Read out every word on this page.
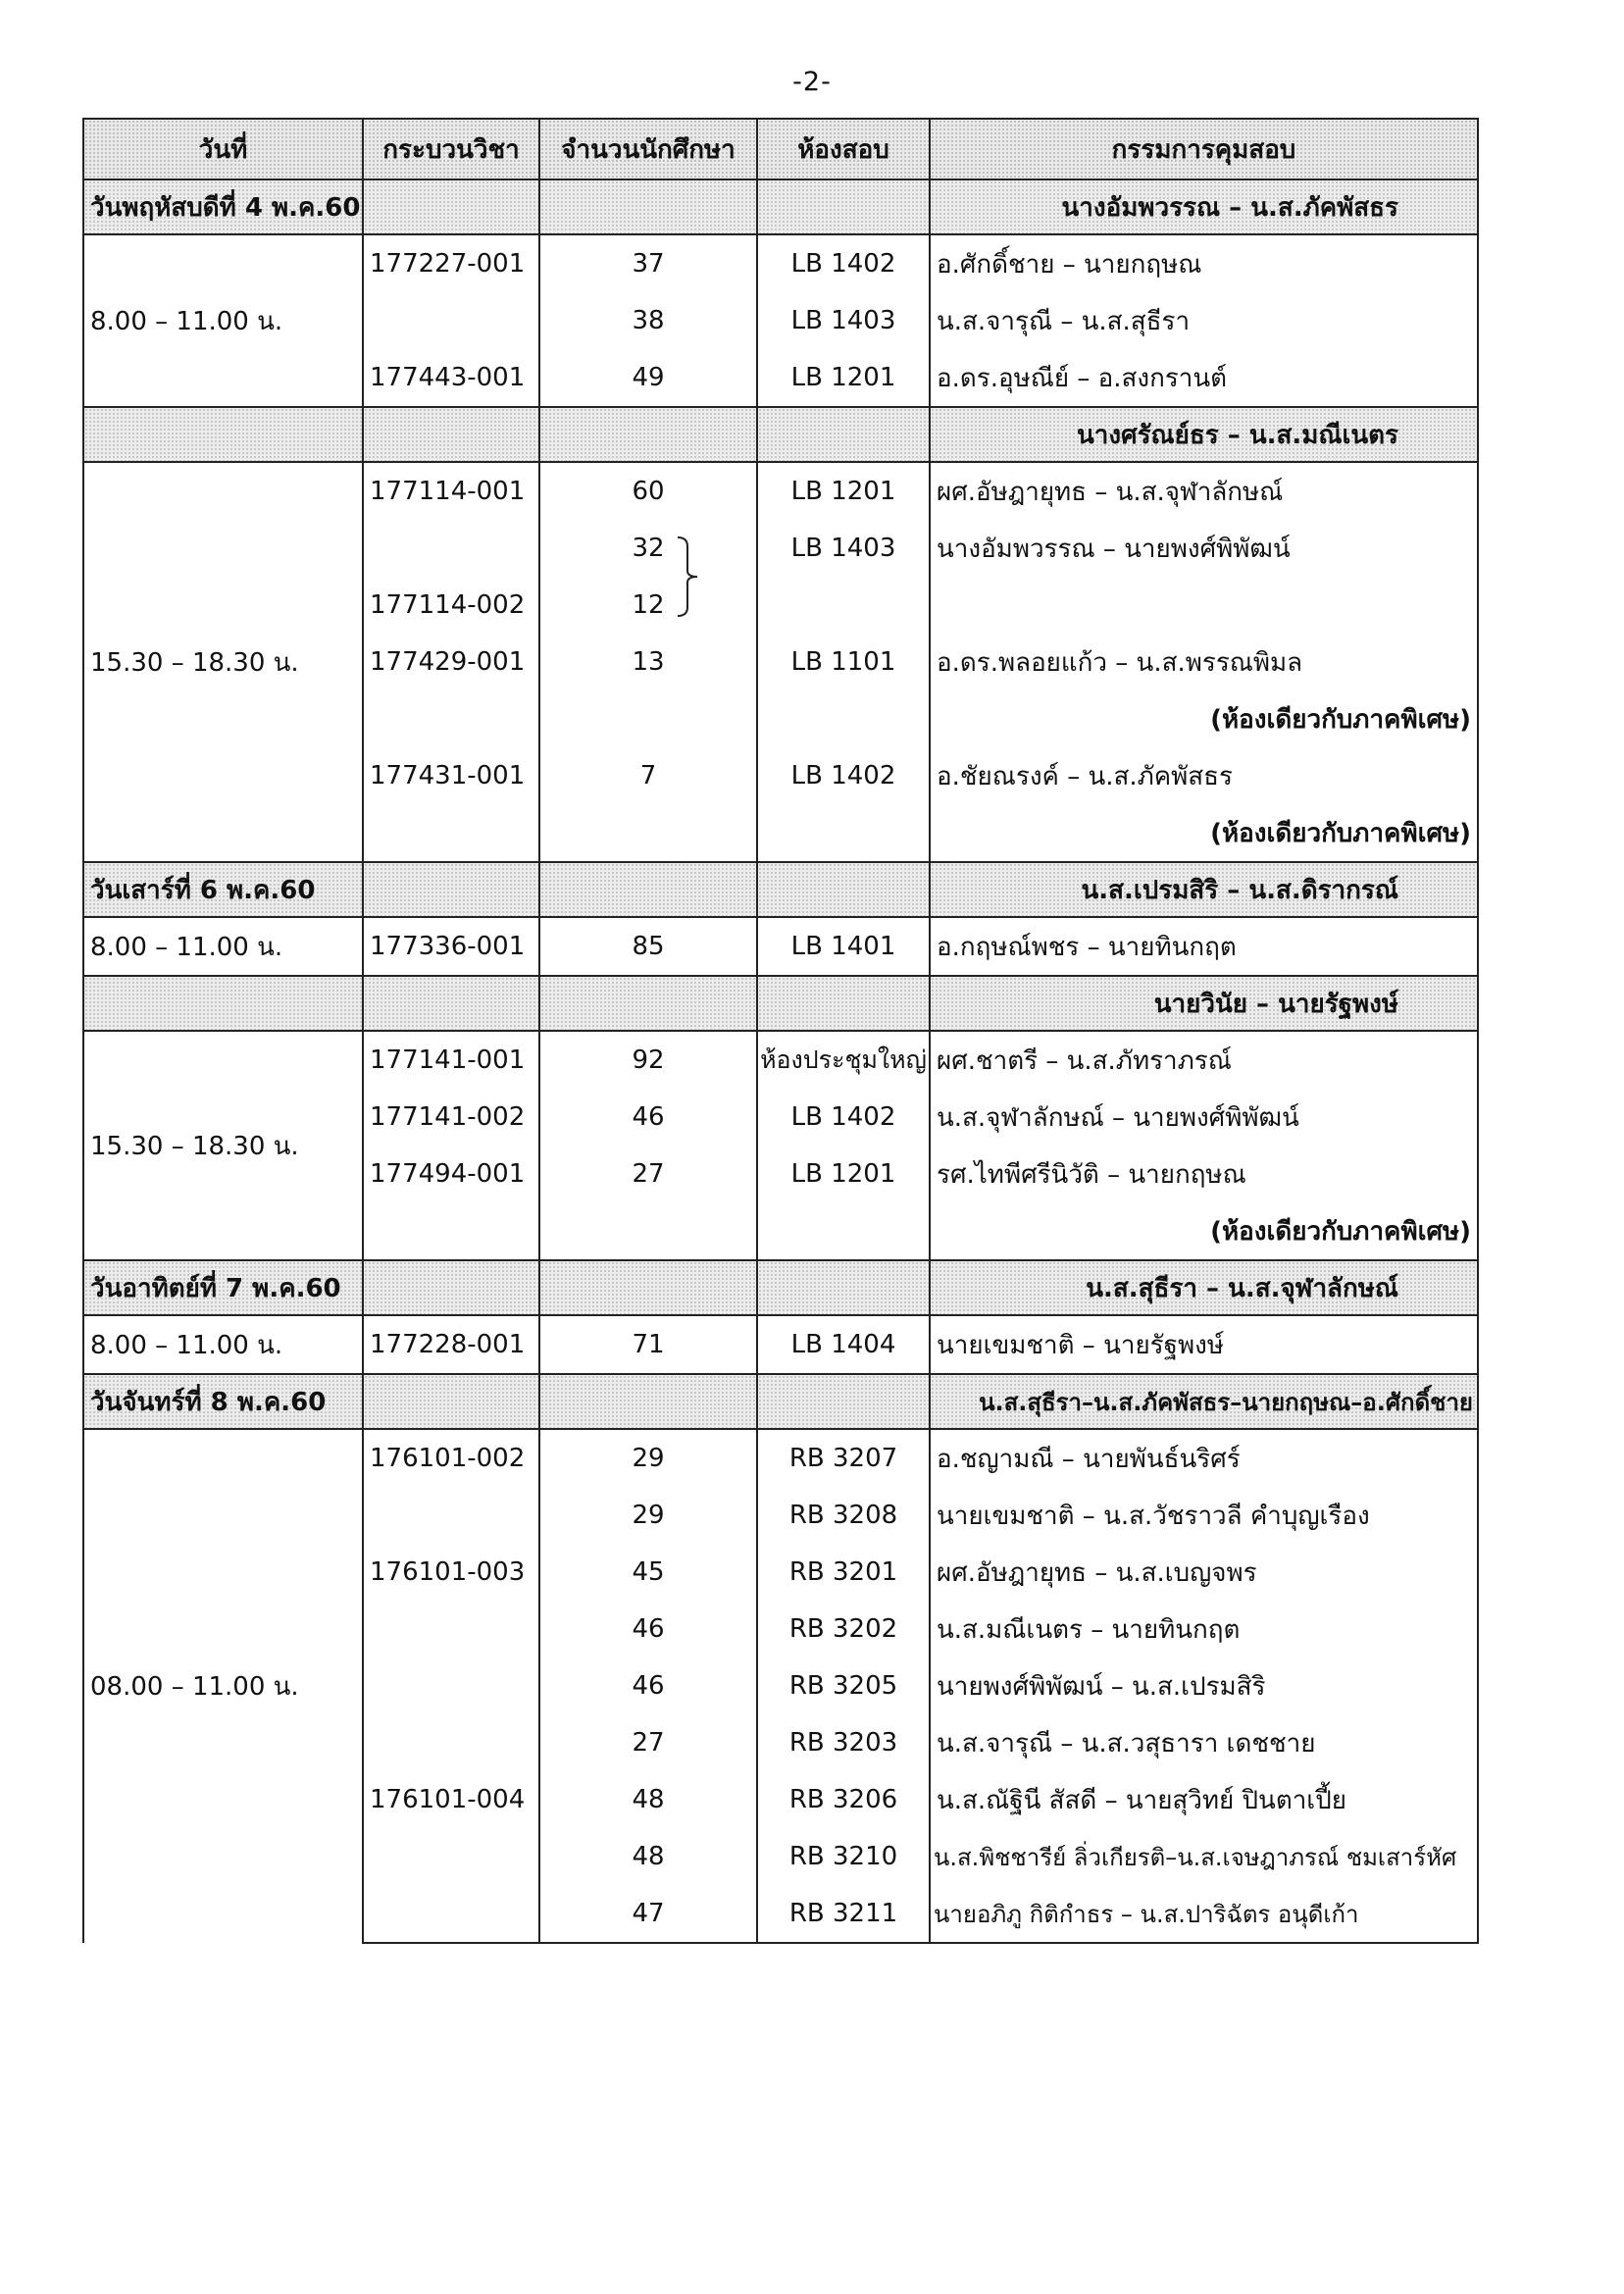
-2-
วันที่	กระบวนวิชา	จำนวนนักศึกษา	ห้องสอบ	กรรมการคุมสอบ
วันพฤหัสบดีที่ 4 พ.ค.60				นางอัมพวรรณ – น.ส.ภัคพัสธร
8.00 – 11.00 น.	177227-001	37	LB 1402	อ.ศักดิ์ชาย – นายกฤษณ
		38	LB 1403	น.ส.จารุณี – น.ส.สุธีรา
	177443-001	49	LB 1201	อ.ดร.อุษณีย์ – อ.สงกรานต์
				นางศรัณย์ธร – น.ส.มณีเนตร
15.30 – 18.30 น.	177114-001	60	LB 1201	ผศ.อัษฎายุทธ – น.ส.จุฬาลักษณ์
		32	LB 1403	นางอัมพวรรณ – นายพงศ์พิพัฒน์
	177114-002	12		
	177429-001	13	LB 1101	อ.ดร.พลอยแก้ว – น.ส.พรรณพิมล
				(ห้องเดียวกับภาคพิเศษ)
	177431-001	7	LB 1402	อ.ชัยณรงค์ – น.ส.ภัคพัสธร
				(ห้องเดียวกับภาคพิเศษ)
วันเสาร์ที่ 6 พ.ค.60				น.ส.เปรมสิริ – น.ส.ดิรากรณ์
8.00 – 11.00 น.	177336-001	85	LB 1401	อ.กฤษณ์พชร – นายทินกฤต
				นายวินัย – นายรัฐพงษ์
15.30 – 18.30 น.	177141-001	92	ห้องประชุมใหญ่	ผศ.ชาตรี – น.ส.ภัทราภรณ์
	177141-002	46	LB 1402	น.ส.จุฬาลักษณ์ – นายพงศ์พิพัฒน์
	177494-001	27	LB 1201	รศ.ไทพีศรีนิวัติ – นายกฤษณ
				(ห้องเดียวกับภาคพิเศษ)
วันอาทิตย์ที่ 7 พ.ค.60				น.ส.สุธีรา – น.ส.จุฬาลักษณ์
8.00 – 11.00 น.	177228-001	71	LB 1404	นายเขมชาติ – นายรัฐพงษ์
วันจันทร์ที่ 8 พ.ค.60				น.ส.สุธีรา–น.ส.ภัคพัสธร–นายกฤษณ–อ.ศักดิ์ชาย
08.00 – 11.00 น.	176101-002	29	RB 3207	อ.ชญามณี – นายพันธ์นริศร์
		29	RB 3208	นายเขมชาติ – น.ส.วัชราวลี คำบุญเรือง
	176101-003	45	RB 3201	ผศ.อัษฎายุทธ – น.ส.เบญจพร
		46	RB 3202	น.ส.มณีเนตร – นายทินกฤต
		46	RB 3205	นายพงศ์พิพัฒน์ – น.ส.เปรมสิริ
		27	RB 3203	น.ส.จารุณี – น.ส.วสุธารา เดชชาย
	176101-004	48	RB 3206	น.ส.ณัฐินี สัสดี – นายสุวิทย์ ปินตาเปี้ย
		48	RB 3210	น.ส.พิชชารีย์ ลิ่วเกียรติ–น.ส.เจษฎาภรณ์ ชมเสาร์หัศ
		47	RB 3211	นายอภิภู กิติกำธร – น.ส.ปาริฉัตร อนุดีเก้า
